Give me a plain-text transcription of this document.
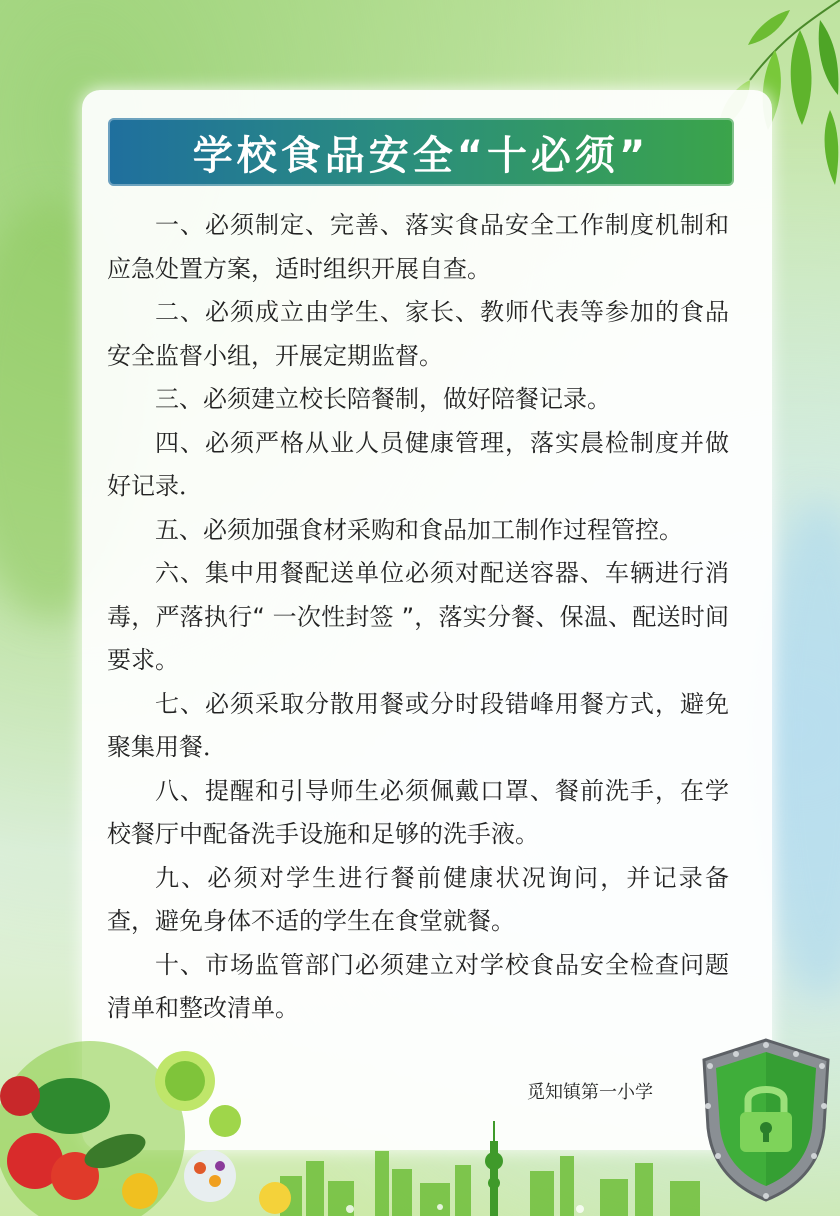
学校食品安全“十必须”

一、必须制定、完善、落实食品安全工作制度机制和应急处置方案，适时组织开展自查。

二、必须成立由学生、家长、教师代表等参加的食品安全监督小组，开展定期监督。

三、必须建立校长陪餐制，做好陪餐记录。

四、必须严格从业人员健康管理，落实晨检制度并做好记录．

五、必须加强食材采购和食品加工制作过程管控。

六、集中用餐配送单位必须对配送容器、车辆进行消毒，严落执行“ 一次性封签 ”，落实分餐、保温、配送时间要求。

七、必须采取分散用餐或分时段错峰用餐方式，避免聚集用餐．

八、提醒和引导师生必须佩戴口罩、餐前洗手，在学校餐厅中配备洗手设施和足够的洗手液。

九、必须对学生进行餐前健康状况询问，并记录备查，避免身体不适的学生在食堂就餐。

十、市场监管部门必须建立对学校食品安全检查问题清单和整改清单。

觅知镇第一小学
